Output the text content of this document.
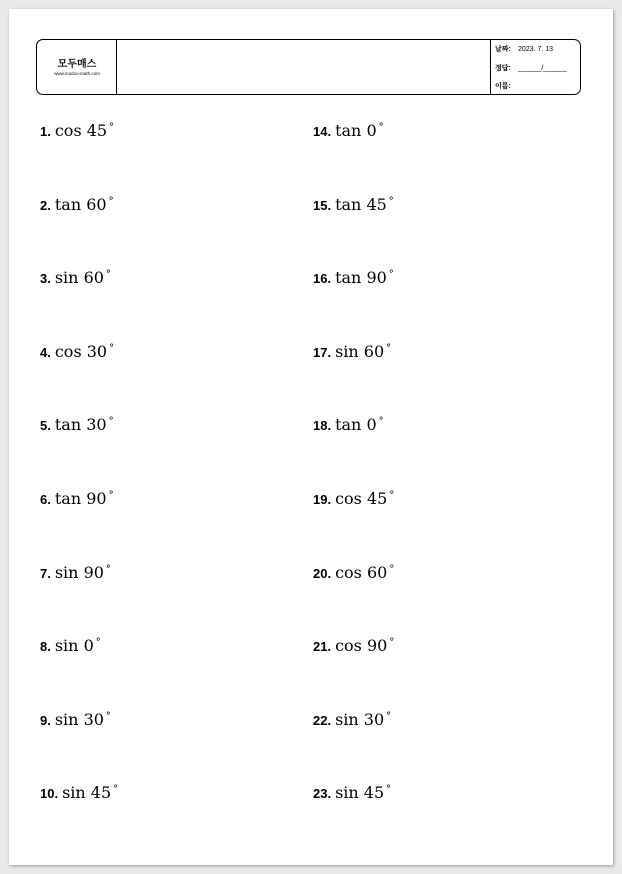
모두매스
www.modoo-math.com
날짜: 2023. 7. 13
정답: ______/______
이름:
1. cos 45 °
2. tan 60 °
3. sin 60 °
4. cos 30 °
5. tan 30 °
6. tan 90 °
7. sin 90 °
8. sin 0 °
9. sin 30 °
10. sin 45 °
14. tan 0 °
15. tan 45 °
16. tan 90 °
17. sin 60 °
18. tan 0 °
19. cos 45 °
20. cos 60 °
21. cos 90 °
22. sin 30 °
23. sin 45 °
